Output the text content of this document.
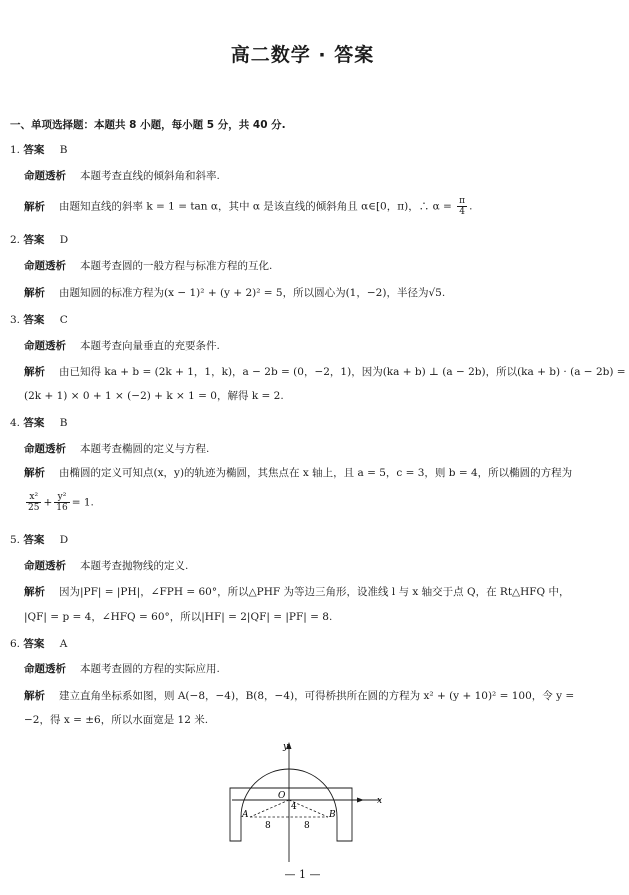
高二数学 · 答案
一、单项选择题：本题共 8 小题，每小题 5 分，共 40 分.
1. 答案 B
命题透析 本题考查直线的倾斜角和斜率.
解析 由题知直线的斜率 k = 1 = tan α，其中 α 是该直线的倾斜角且 α∈[0，π)，∴ $\alpha = \frac{\pi}{4}$ .
2. 答案 D
命题透析 本题考查圆的一般方程与标准方程的互化.
解析 由题知圆的标准方程为(x − 1)² + (y + 2)² = 5，所以圆心为(1，−2)，半径为√5.
3. 答案 C
命题透析 本题考查向量垂直的充要条件.
解析 由已知得 ka + b = (2k + 1，1，k)，a − 2b = (0，−2，1)，因为(ka + b) ⊥ (a − 2b)，所以(ka + b) · (a − 2b) =
(2k + 1) × 0 + 1 × (−2) + k × 1 = 0，解得 k = 2.
4. 答案 B
命题透析 本题考查椭圆的定义与方程.
解析 由椭圆的定义可知点(x，y)的轨迹为椭圆，其焦点在 x 轴上，且 a = 5，c = 3，则 b = 4，所以椭圆的方程为
$\frac{\text{x²}}{25} + \frac{\text{y²}}{16} = 1$.
5. 答案 D
命题透析 本题考查抛物线的定义.
解析 因为|PF| = |PH|，∠FPH = 60°，所以△PHF 为等边三角形，设准线 l 与 x 轴交于点 Q，在 Rt△HFQ 中，
|QF| = p = 4，∠HFQ = 60°，所以|HF| = 2|QF| = |PF| = 8.
6. 答案 A
命题透析 本题考查圆的方程的实际应用.
解析 建立直角坐标系如图，则 A(−8，−4)，B(8，−4)，可得桥拱所在圆的方程为 x² + (y + 10)² = 100，令 y =
−2，得 x = ±6，所以水面宽是 12 米.
y
x
O
4
A	B
8	8
— 1 —
